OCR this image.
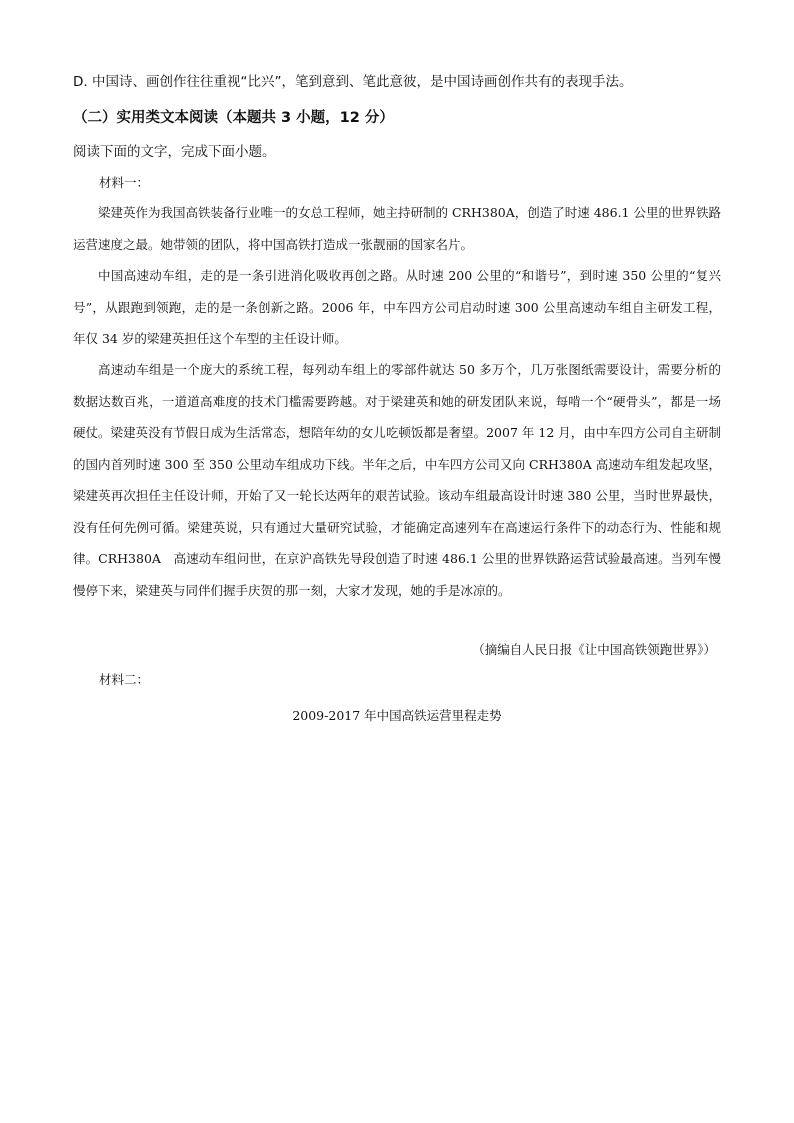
D. 中国诗、画创作往往重视“比兴”，笔到意到、笔此意彼，是中国诗画创作共有的表现手法。
（二）实用类文本阅读（本题共 3 小题，12 分）
阅读下面的文字，完成下面小题。
材料一：

梁建英作为我国高铁装备行业唯一的女总工程师，她主持研制的 CRH380A，创造了时速 486.1 公里的世界铁路运营速度之最。她带领的团队，将中国高铁打造成一张靓丽的国家名片。

中国高速动车组，走的是一条引进消化吸收再创之路。从时速 200 公里的“和谐号”，到时速 350 公里的“复兴号”，从跟跑到领跑，走的是一条创新之路。2006 年，中车四方公司启动时速 300 公里高速动车组自主研发工程，年仅 34 岁的梁建英担任这个车型的主任设计师。

高速动车组是一个庞大的系统工程，每列动车组上的零部件就达 50 多万个，几万张图纸需要设计，需要分析的数据达数百兆，一道道高难度的技术门槛需要跨越。对于梁建英和她的研发团队来说，每啃一个“硬骨头”，都是一场硬仗。梁建英没有节假日成为生活常态，想陪年幼的女儿吃顿饭都是奢望。2007 年 12 月，由中车四方公司自主研制的国内首列时速 300 至 350 公里动车组成功下线。半年之后，中车四方公司又向 CRH380A 高速动车组发起攻坚，梁建英再次担任主任设计师，开始了又一轮长达两年的艰苦试验。该动车组最高设计时速 380 公里，当时世界最快，没有任何先例可循。梁建英说，只有通过大量研究试验，才能确定高速列车在高速运行条件下的动态行为、性能和规律。CRH380A　高速动车组问世，在京沪高铁先导段创造了时速 486.1 公里的世界铁路运营试验最高速。当列车慢慢停下来，梁建英与同伴们握手庆贺的那一刻，大家才发现，她的手是冰凉的。

（摘编自人民日报《让中国高铁领跑世界》）
材料二：
2009-2017 年中国高铁运营里程走势
